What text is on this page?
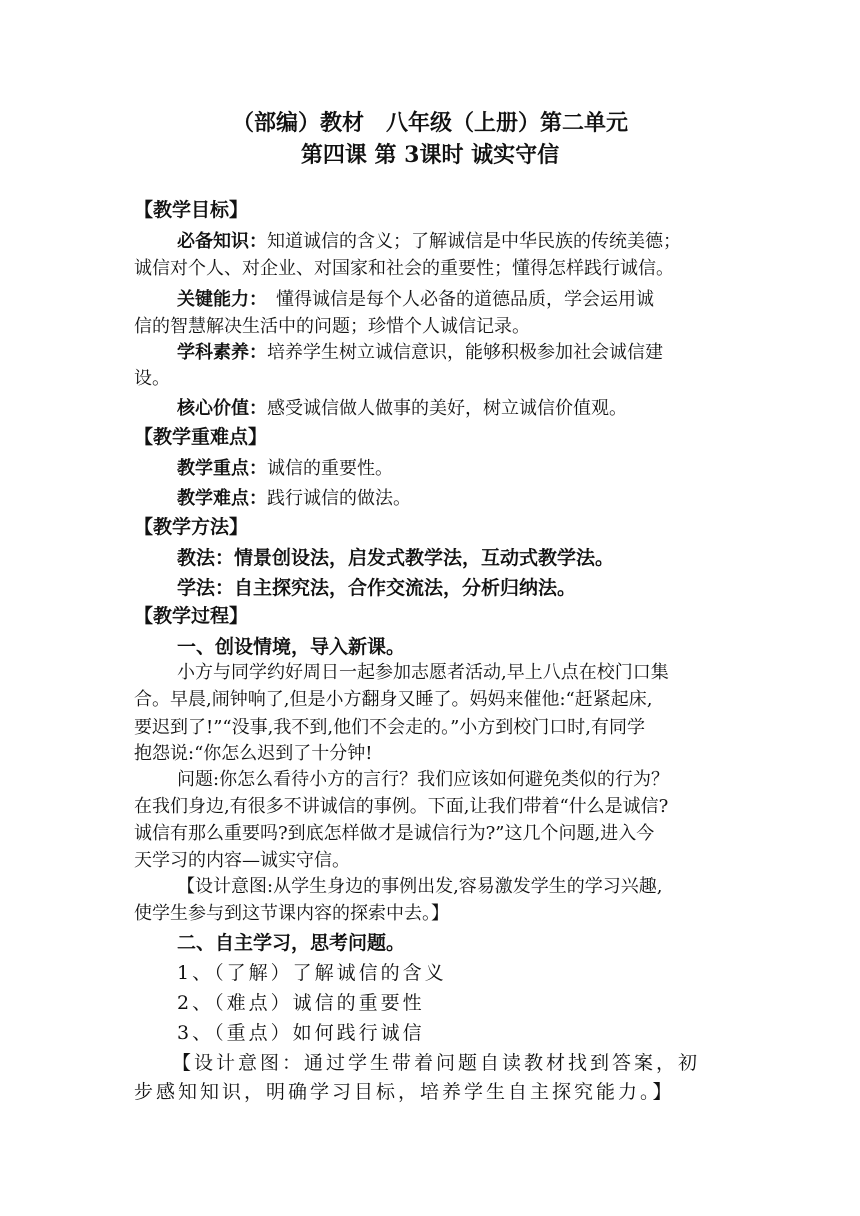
（部编）教材　八年级（上册）第二单元
第四课 第 3课时 诚实守信
【教学目标】
必备知识：知道诚信的含义；了解诚信是中华民族的传统美德；
诚信对个人、对企业、对国家和社会的重要性；懂得怎样践行诚信。
关键能力：　懂得诚信是每个人必备的道德品质，学会运用诚
信的智慧解决生活中的问题；珍惜个人诚信记录。
学科素养：培养学生树立诚信意识，能够积极参加社会诚信建
设。
核心价值：感受诚信做人做事的美好，树立诚信价值观。
【教学重难点】
教学重点：诚信的重要性。
教学难点：践行诚信的做法。
【教学方法】
教法：情景创设法，启发式教学法，互动式教学法。
学法：自主探究法，合作交流法，分析归纳法。
【教学过程】
一、创设情境，导入新课。
小方与同学约好周日一起参加志愿者活动,早上八点在校门口集
合。早晨,闹钟响了,但是小方翻身又睡了。妈妈来催他:“赶紧起床,
要迟到了!”“没事,我不到,他们不会走的。”小方到校门口时,有同学
抱怨说:“你怎么迟到了十分钟!
问题:你怎么看待小方的言行？我们应该如何避免类似的行为？
在我们身边,有很多不讲诚信的事例。下面,让我们带着“什么是诚信?
诚信有那么重要吗?到底怎样做才是诚信行为?”这几个问题,进入今
天学习的内容—诚实守信。
【设计意图:从学生身边的事例出发,容易激发学生的学习兴趣,
使学生参与到这节课内容的探索中去。】
二、自主学习，思考问题。
1、（了解）了解诚信的含义
2、（难点）诚信的重要性
3、（重点）如何践行诚信
【设计意图：通过学生带着问题自读教材找到答案，初
步感知知识，明确学习目标，培养学生自主探究能力。】
